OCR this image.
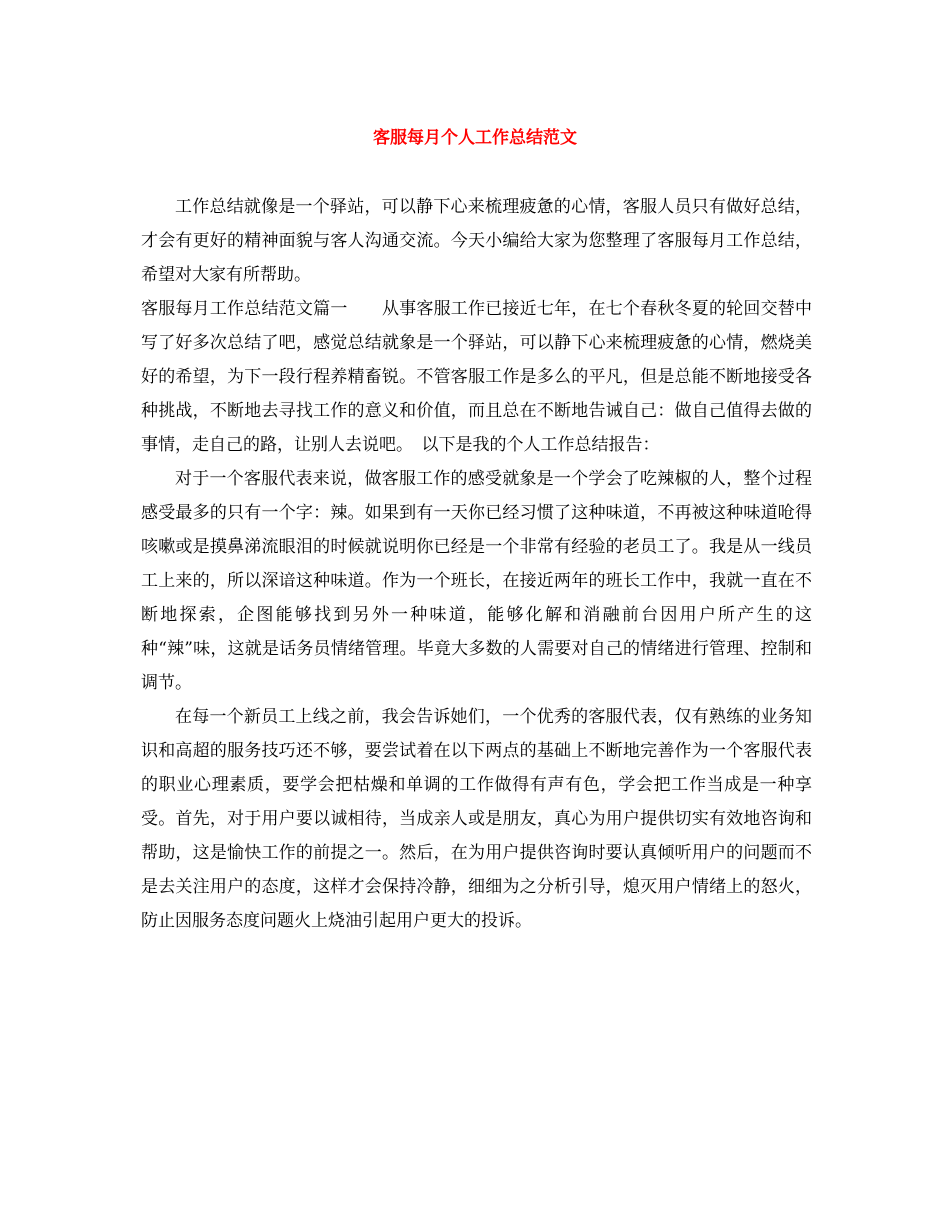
客服每月个人工作总结范文

工作总结就像是一个驿站，可以静下心来梳理疲惫的心情，客服人员只有做好总结，才会有更好的精神面貌与客人沟通交流。今天小编给大家为您整理了客服每月工作总结，希望对大家有所帮助。

客服每月工作总结范文篇一　　从事客服工作已接近七年，在七个春秋冬夏的轮回交替中写了好多次总结了吧，感觉总结就象是一个驿站，可以静下心来梳理疲惫的心情，燃烧美好的希望，为下一段行程养精畜锐。不管客服工作是多么的平凡，但是总能不断地接受各种挑战，不断地去寻找工作的意义和价值，而且总在不断地告诫自己：做自己值得去做的事情，走自己的路，让别人去说吧。　以下是我的个人工作总结报告：

对于一个客服代表来说，做客服工作的感受就象是一个学会了吃辣椒的人，整个过程感受最多的只有一个字：辣。如果到有一天你已经习惯了这种味道，不再被这种味道呛得咳嗽或是摸鼻涕流眼泪的时候就说明你已经是一个非常有经验的老员工了。我是从一线员工上来的，所以深谙这种味道。作为一个班长，在接近两年的班长工作中，我就一直在不断地探索，企图能够找到另外一种味道，能够化解和消融前台因用户所产生的这种“辣”味，这就是话务员情绪管理。毕竟大多数的人需要对自己的情绪进行管理、控制和调节。

在每一个新员工上线之前，我会告诉她们，一个优秀的客服代表，仅有熟练的业务知识和高超的服务技巧还不够，要尝试着在以下两点的基础上不断地完善作为一个客服代表的职业心理素质，要学会把枯燥和单调的工作做得有声有色，学会把工作当成是一种享受。首先，对于用户要以诚相待，当成亲人或是朋友，真心为用户提供切实有效地咨询和帮助，这是愉快工作的前提之一。然后，在为用户提供咨询时要认真倾听用户的问题而不是去关注用户的态度，这样才会保持冷静，细细为之分析引导，熄灭用户情绪上的怒火，防止因服务态度问题火上烧油引起用户更大的投诉。
